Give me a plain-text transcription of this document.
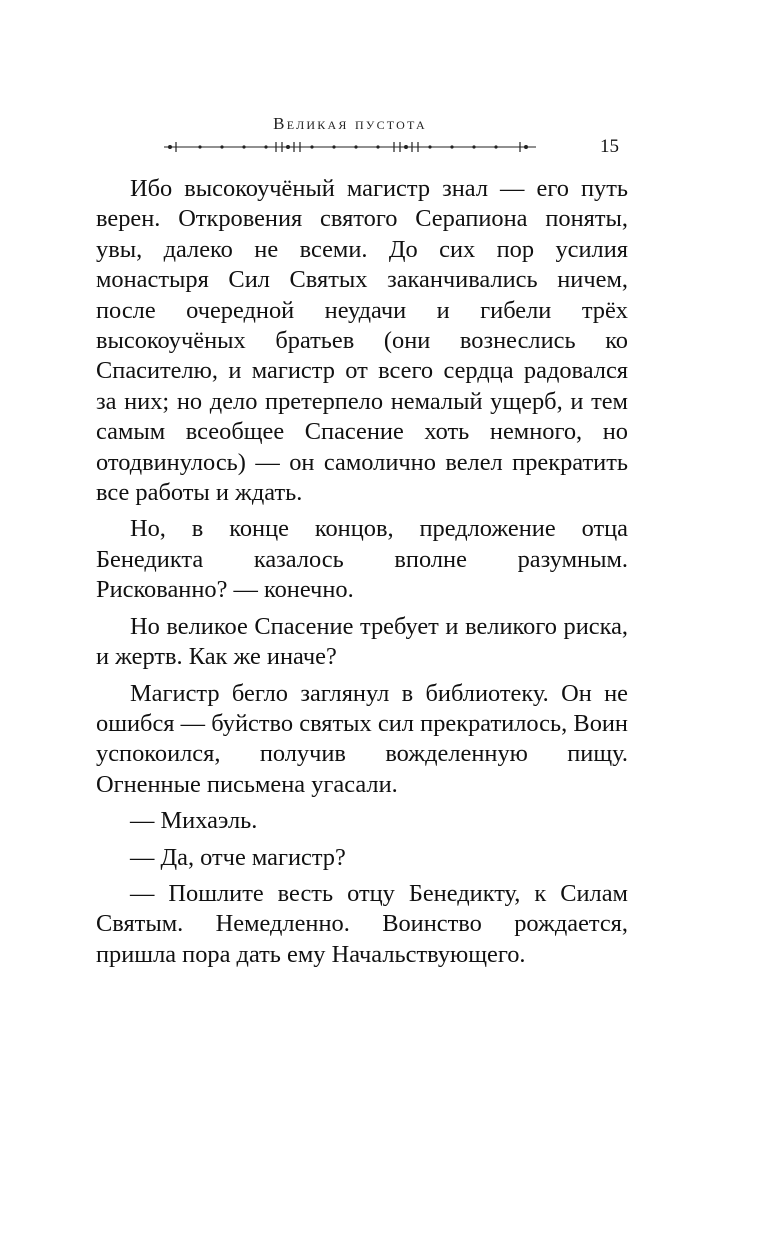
Великая пустота
15

Ибо высокоучёный магистр знал — его путь верен. Откровения святого Серапиона поняты, увы, далеко не всеми. До сих пор усилия монастыря Сил Святых заканчивались ничем, после очередной неудачи и гибели трёх высокоучёных братьев (они вознеслись ко Спасителю, и магистр от всего сердца радовался за них; но дело претерпело немалый ущерб, и тем самым всеобщее Спасение хоть немного, но отодвинулось) — он самолично велел прекратить все работы и ждать.

Но, в конце концов, предложение отца Бенедикта казалось вполне разумным. Рискованно? — конечно.

Но великое Спасение требует и великого риска, и жертв. Как же иначе?

Магистр бегло заглянул в библиотеку. Он не ошибся — буйство святых сил прекратилось, Воин успокоился, получив вожделенную пищу. Огненные письмена угасали.

— Михаэль.

— Да, отче магистр?

— Пошлите весть отцу Бенедикту, к Силам Святым. Немедленно. Воинство рождается, пришла пора дать ему Начальствующего.
